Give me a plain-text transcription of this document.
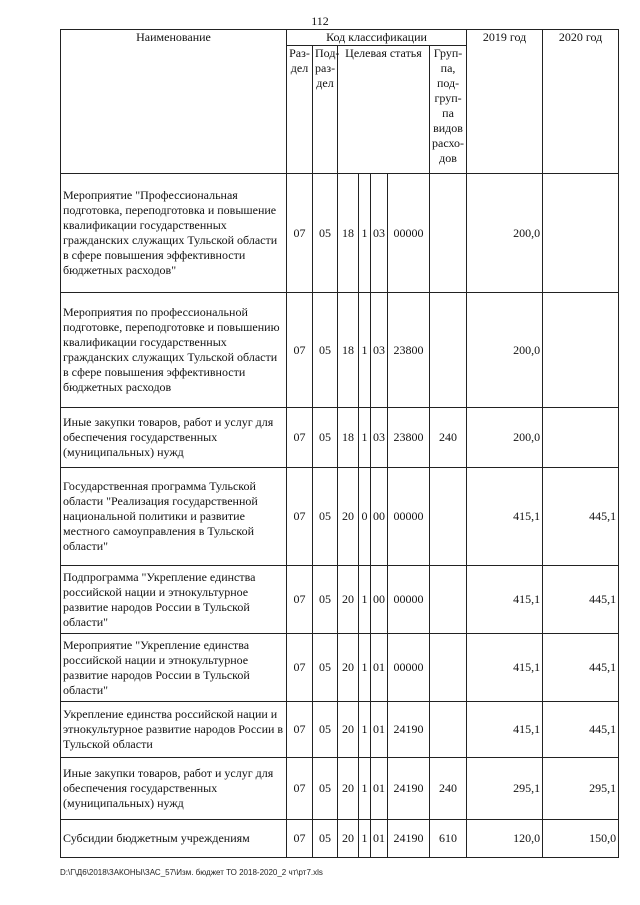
112
Наименование	Код классификации							2019 год	2020 год
	Раз-дел	Под-раз-дел	Целевая статья				Груп-па, под-груп-па видов расхо-дов		
Мероприятие "Профессиональная подготовка, переподготовка и повышение квалификации государственных гражданских служащих Тульской области в сфере повышения эффективности бюджетных расходов"	07	05	18	1	03	00000		200,0	
Мероприятия по профессиональной подготовке, переподготовке и повышению квалификации государственных гражданских служащих Тульской области в сфере повышения эффективности бюджетных расходов	07	05	18	1	03	23800		200,0	
Иные закупки товаров, работ и услуг для обеспечения государственных (муниципальных) нужд	07	05	18	1	03	23800	240	200,0	
Государственная программа Тульской области "Реализация государственной национальной политики и развитие местного самоуправления в Тульской области"	07	05	20	0	00	00000		415,1	445,1
Подпрограмма "Укрепление единства российской нации и этнокультурное развитие народов России в Тульской области"	07	05	20	1	00	00000		415,1	445,1
Мероприятие "Укрепление единства российской нации и этнокультурное развитие народов России в Тульской области"	07	05	20	1	01	00000		415,1	445,1
Укрепление единства российской нации и этнокультурное развитие народов России в Тульской области	07	05	20	1	01	24190		415,1	445,1
Иные закупки товаров, работ и услуг для обеспечения государственных (муниципальных) нужд	07	05	20	1	01	24190	240	295,1	295,1
Субсидии бюджетным учреждениям	07	05	20	1	01	24190	610	120,0	150,0
D:\Г\Д6\2018\ЗАКОНЫ\ЗАС_57\Изм. бюджет ТО 2018-2020_2 чт\рт7.xls
